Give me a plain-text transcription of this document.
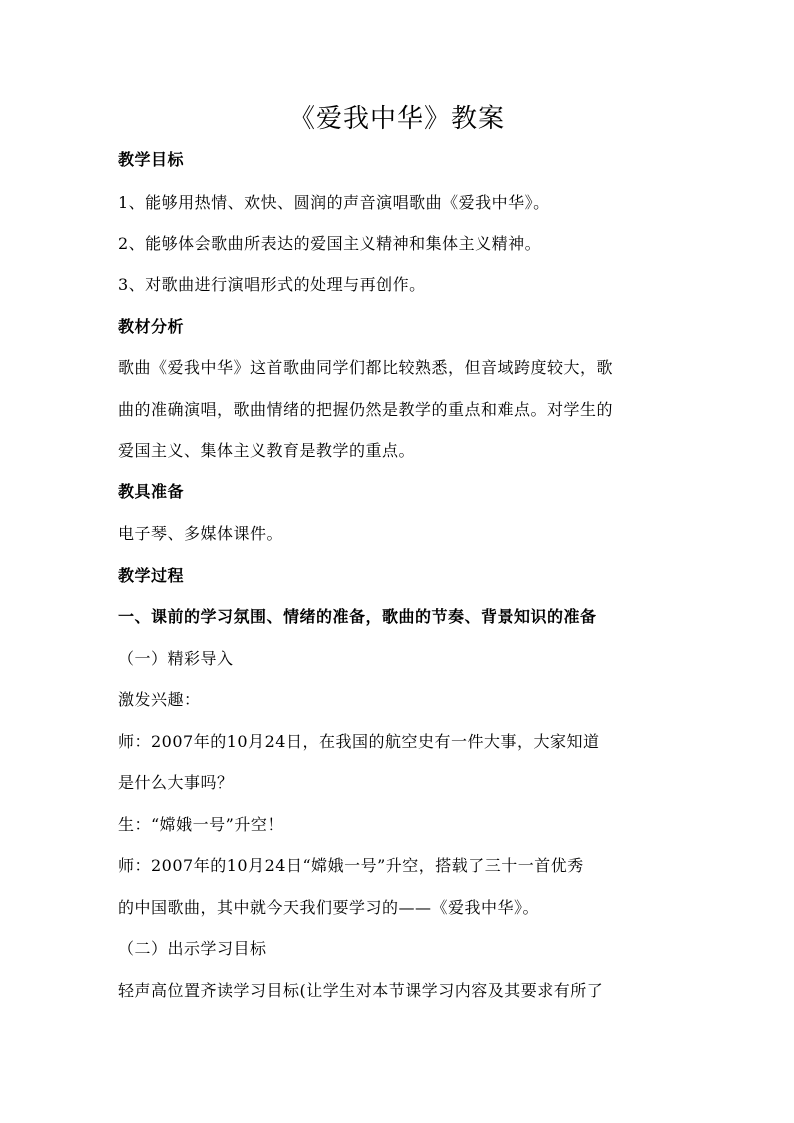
《爱我中华》教案
教学目标
1、能够用热情、欢快、圆润的声音演唱歌曲《爱我中华》。
2、能够体会歌曲所表达的爱国主义精神和集体主义精神。
3、对歌曲进行演唱形式的处理与再创作。
教材分析
歌曲《爱我中华》这首歌曲同学们都比较熟悉，但音域跨度较大，歌
曲的准确演唱，歌曲情绪的把握仍然是教学的重点和难点。对学生的
爱国主义、集体主义教育是教学的重点。
教具准备
电子琴、多媒体课件。
教学过程
一、课前的学习氛围、情绪的准备，歌曲的节奏、背景知识的准备
（一）精彩导入
激发兴趣：
师：2007年的10月24日，在我国的航空史有一件大事，大家知道
是什么大事吗？
生：“嫦娥一号”升空！
师：2007年的10月24日“嫦娥一号”升空，搭载了三十一首优秀
的中国歌曲，其中就今天我们要学习的——《爱我中华》。
（二）出示学习目标
轻声高位置齐读学习目标(让学生对本节课学习内容及其要求有所了
